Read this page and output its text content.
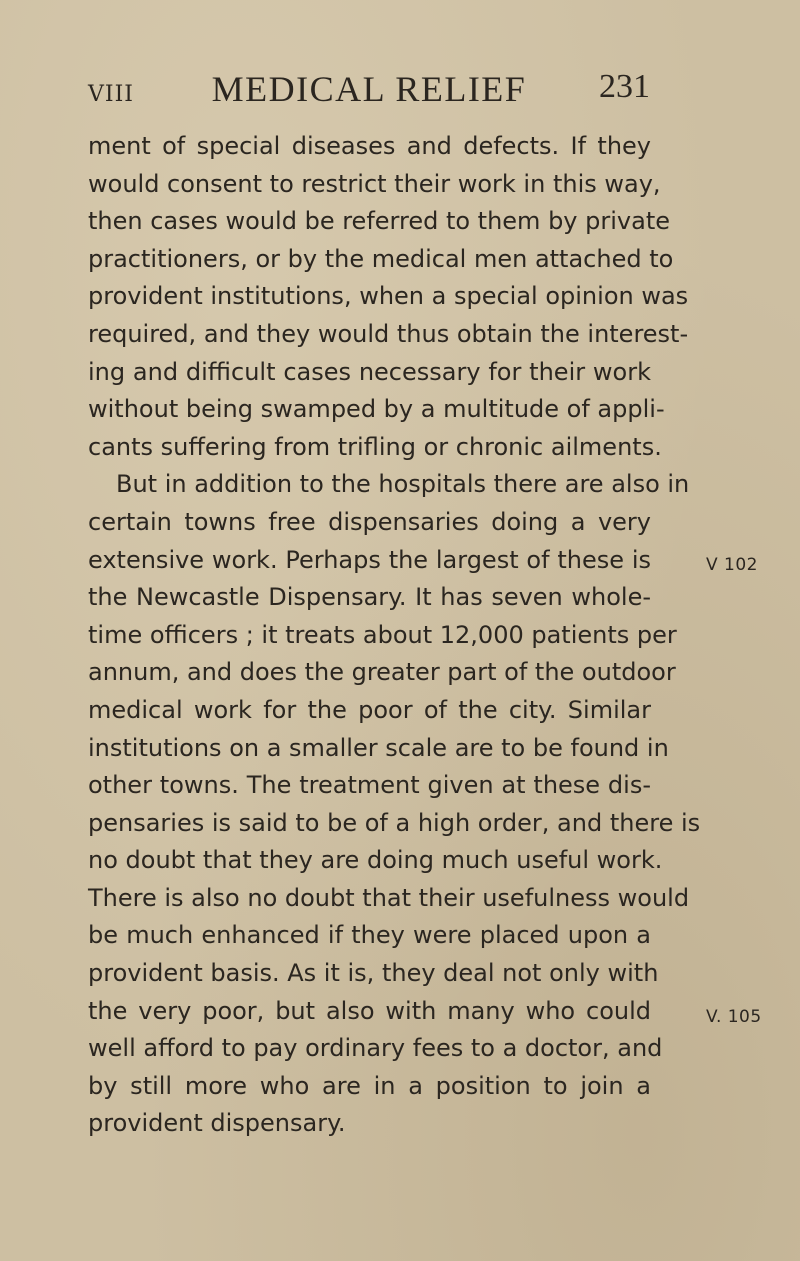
VIII	MEDICAL RELIEF	231
ment of special diseases and defects. If they
would consent to restrict their work in this way,
then cases would be referred to them by private
practitioners, or by the medical men attached to
provident institutions, when a special opinion was
required, and they would thus obtain the interest-
ing and difficult cases necessary for their work
without being swamped by a multitude of appli-
cants suffering from trifling or chronic ailments.
But in addition to the hospitals there are also in
certain towns free dispensaries doing a very
extensive work. Perhaps the largest of these is
the Newcastle Dispensary. It has seven whole-
time officers ; it treats about 12,000 patients per
annum, and does the greater part of the outdoor
medical work for the poor of the city. Similar
institutions on a smaller scale are to be found in
other towns. The treatment given at these dis-
pensaries is said to be of a high order, and there is
no doubt that they are doing much useful work.
There is also no doubt that their usefulness would
be much enhanced if they were placed upon a
provident basis. As it is, they deal not only with
the very poor, but also with many who could
well afford to pay ordinary fees to a doctor, and
by still more who are in a position to join a
provident dispensary.
V 102
V. 105
